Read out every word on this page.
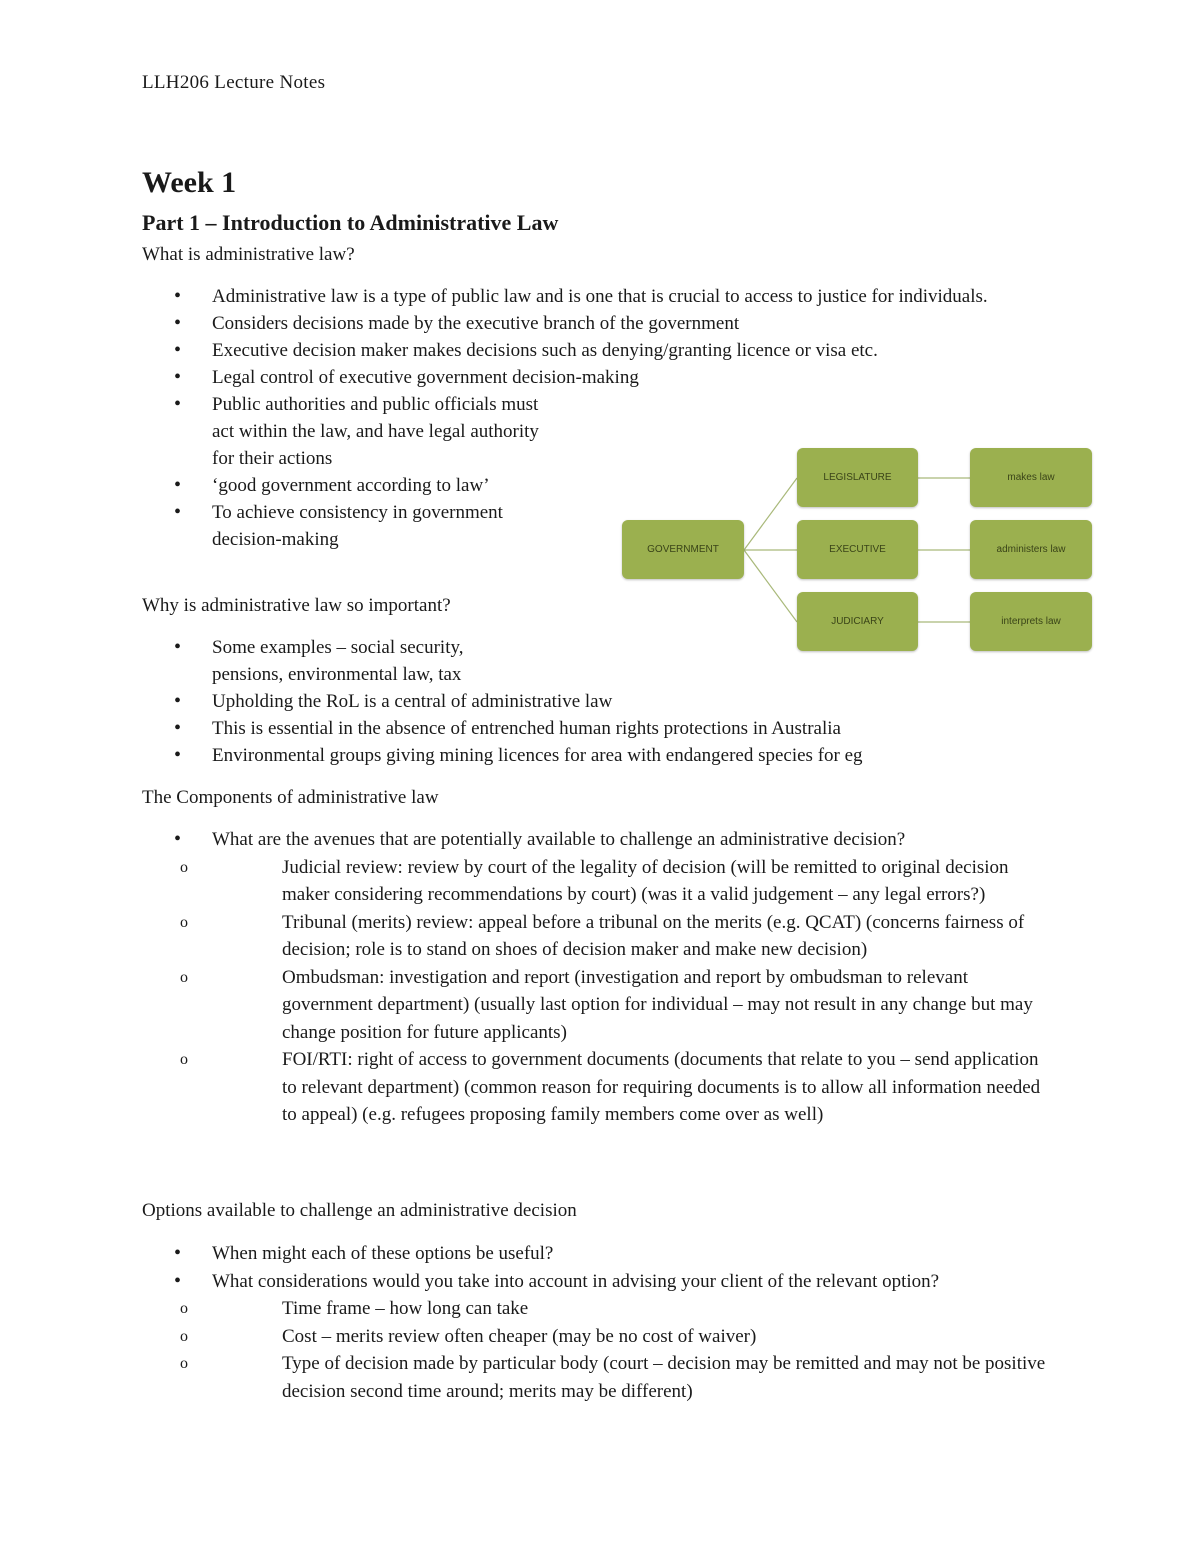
LLH206 Lecture Notes
Week 1
Part 1 – Introduction to Administrative Law
What is administrative law?
• Administrative law is a type of public law and is one that is crucial to access to justice for individuals.
• Considers decisions made by the executive branch of the government
• Executive decision maker makes decisions such as denying/granting licence or visa etc.
• Legal control of executive government decision-making
• Public authorities and public officials must act within the law, and have legal authority for their actions
• ‘good government according to law’
• To achieve consistency in government decision-making	GOVERNMENT
LEGISLATURE
EXECUTIVE
JUDICIARY
makes law
administers law
interprets law
Why is administrative law so important?
• Some examples – social security, pensions, environmental law, tax
• Upholding the RoL is a central of administrative law
• This is essential in the absence of entrenched human rights protections in Australia
• Environmental groups giving mining licences for area with endangered species for eg
The Components of administrative law
• What are the avenues that are potentially available to challenge an administrative decision?
o Judicial review: review by court of the legality of decision (will be remitted to original decision maker considering recommendations by court) (was it a valid judgement – any legal errors?)
o Tribunal (merits) review: appeal before a tribunal on the merits (e.g. QCAT) (concerns fairness of decision; role is to stand on shoes of decision maker and make new decision)
o Ombudsman: investigation and report (investigation and report by ombudsman to relevant government department) (usually last option for individual – may not result in any change but may change position for future applicants)
o FOI/RTI: right of access to government documents (documents that relate to you – send application to relevant department) (common reason for requiring documents is to allow all information needed to appeal) (e.g. refugees proposing family members come over as well)
Options available to challenge an administrative decision
• When might each of these options be useful?
• What considerations would you take into account in advising your client of the relevant option?
o Time frame – how long can take
o Cost – merits review often cheaper (may be no cost of waiver)
o Type of decision made by particular body (court – decision may be remitted and may not be positive decision second time around; merits may be different)
